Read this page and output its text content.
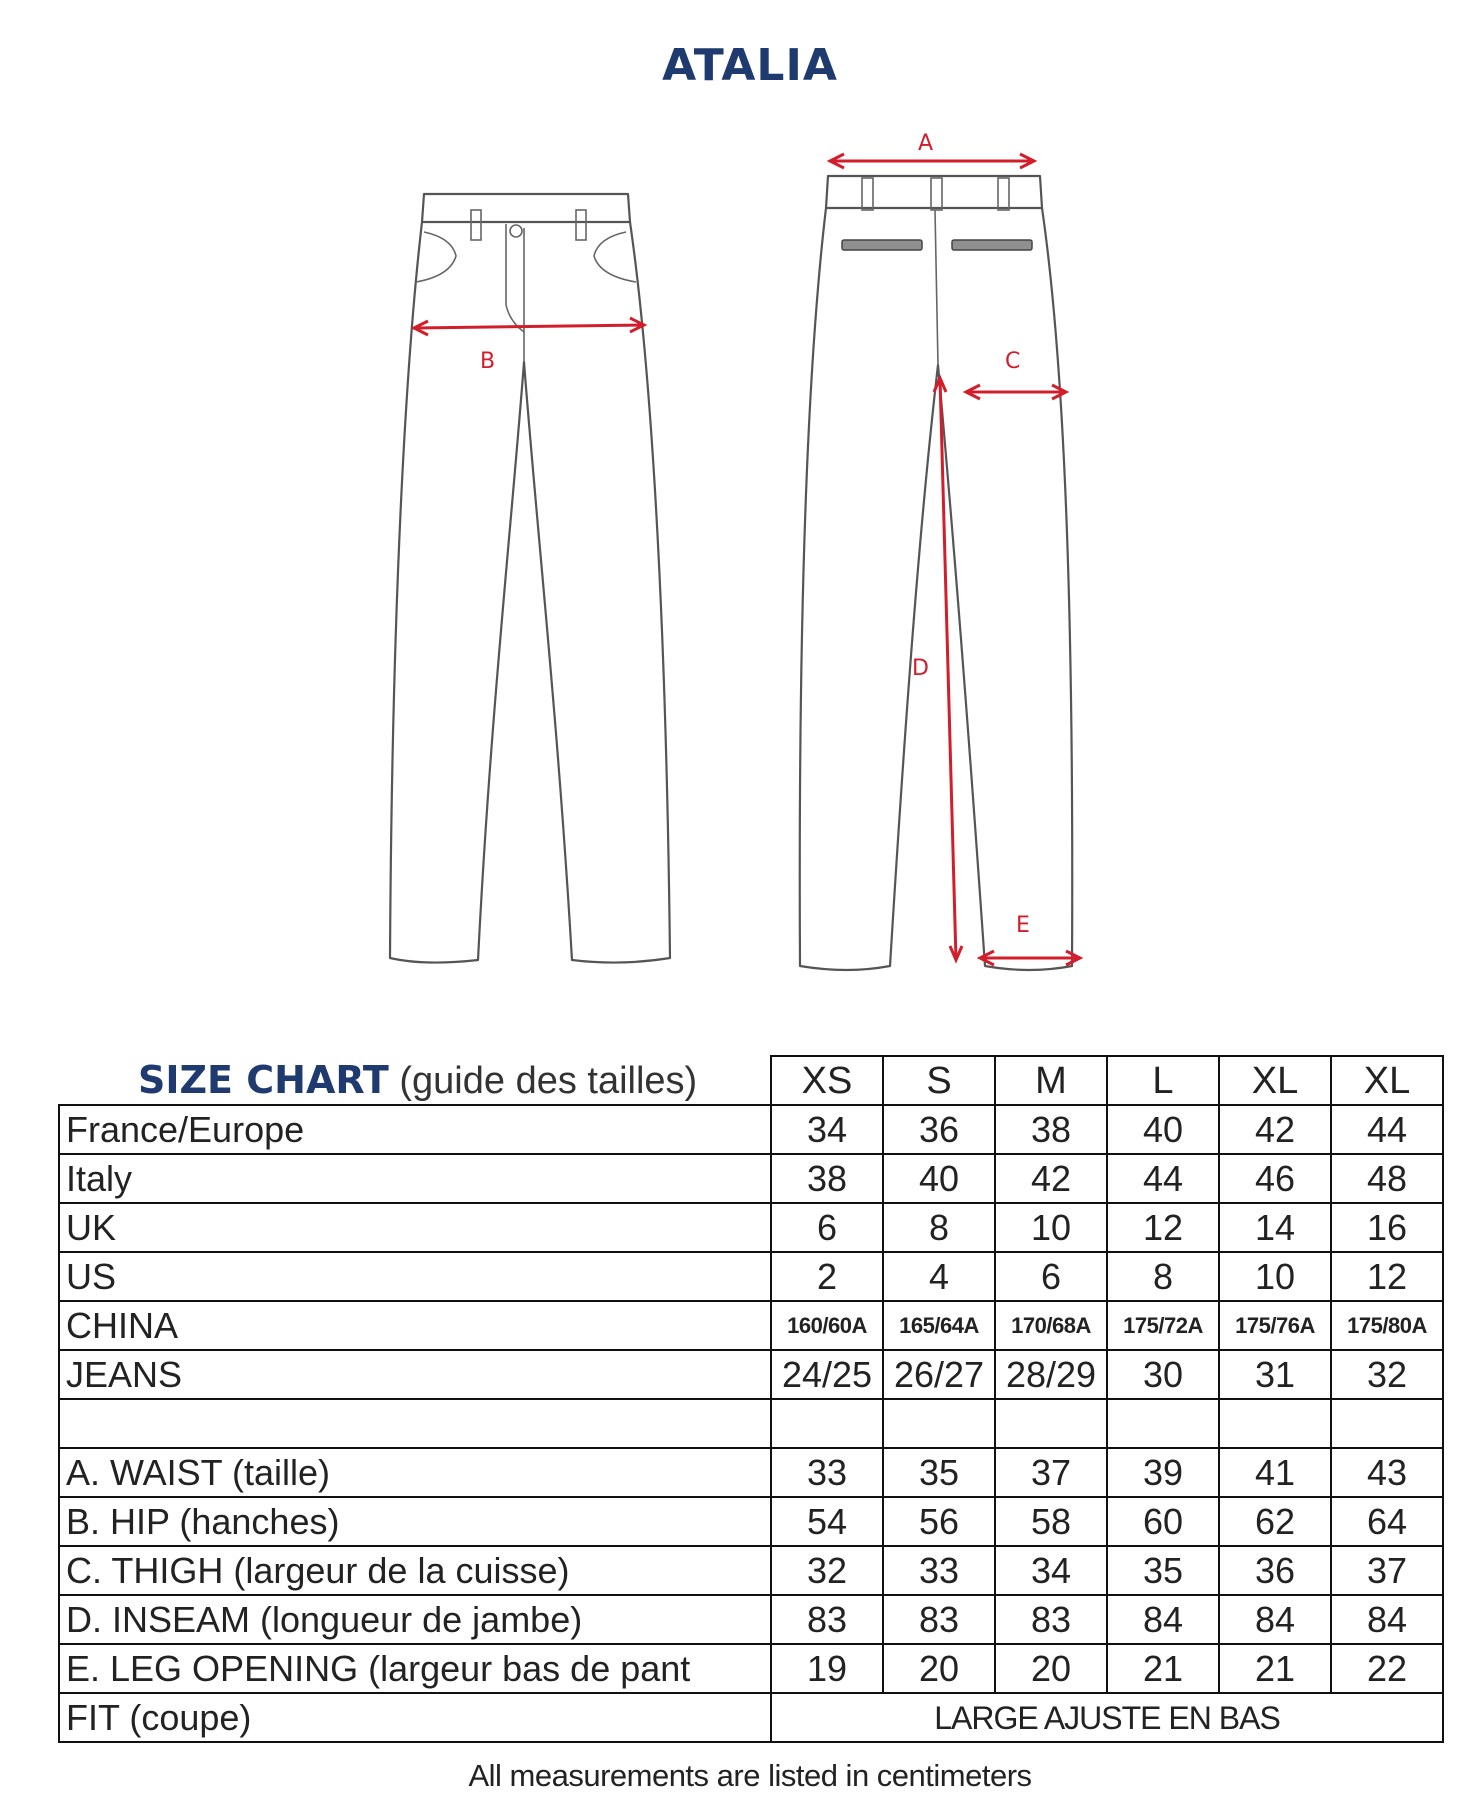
ATALIA
B
A
C
D
E
SIZE CHART (guide des tailles)
		XS	S	M	L	XL	XL
France/Europe	34	36	38	40	42	44
Italy	38	40	42	44	46	48
UK	6	8	10	12	14	16
US	2	4	6	8	10	12
CHINA	160/60A	165/64A	170/68A	175/72A	175/76A	175/80A
JEANS	24/25	26/27	28/29	30	31	32

A. WAIST (taille)	33	35	37	39	41	43
B. HIP (hanches)	54	56	58	60	62	64
C. THIGH (largeur de la cuisse)	32	33	34	35	36	37
D. INSEAM (longueur de jambe)	83	83	83	84	84	84
E. LEG OPENING (largeur bas de pant	19	20	20	21	21	22
FIT (coupe)	LARGE AJUSTE EN BAS					
All measurements are listed in centimeters
